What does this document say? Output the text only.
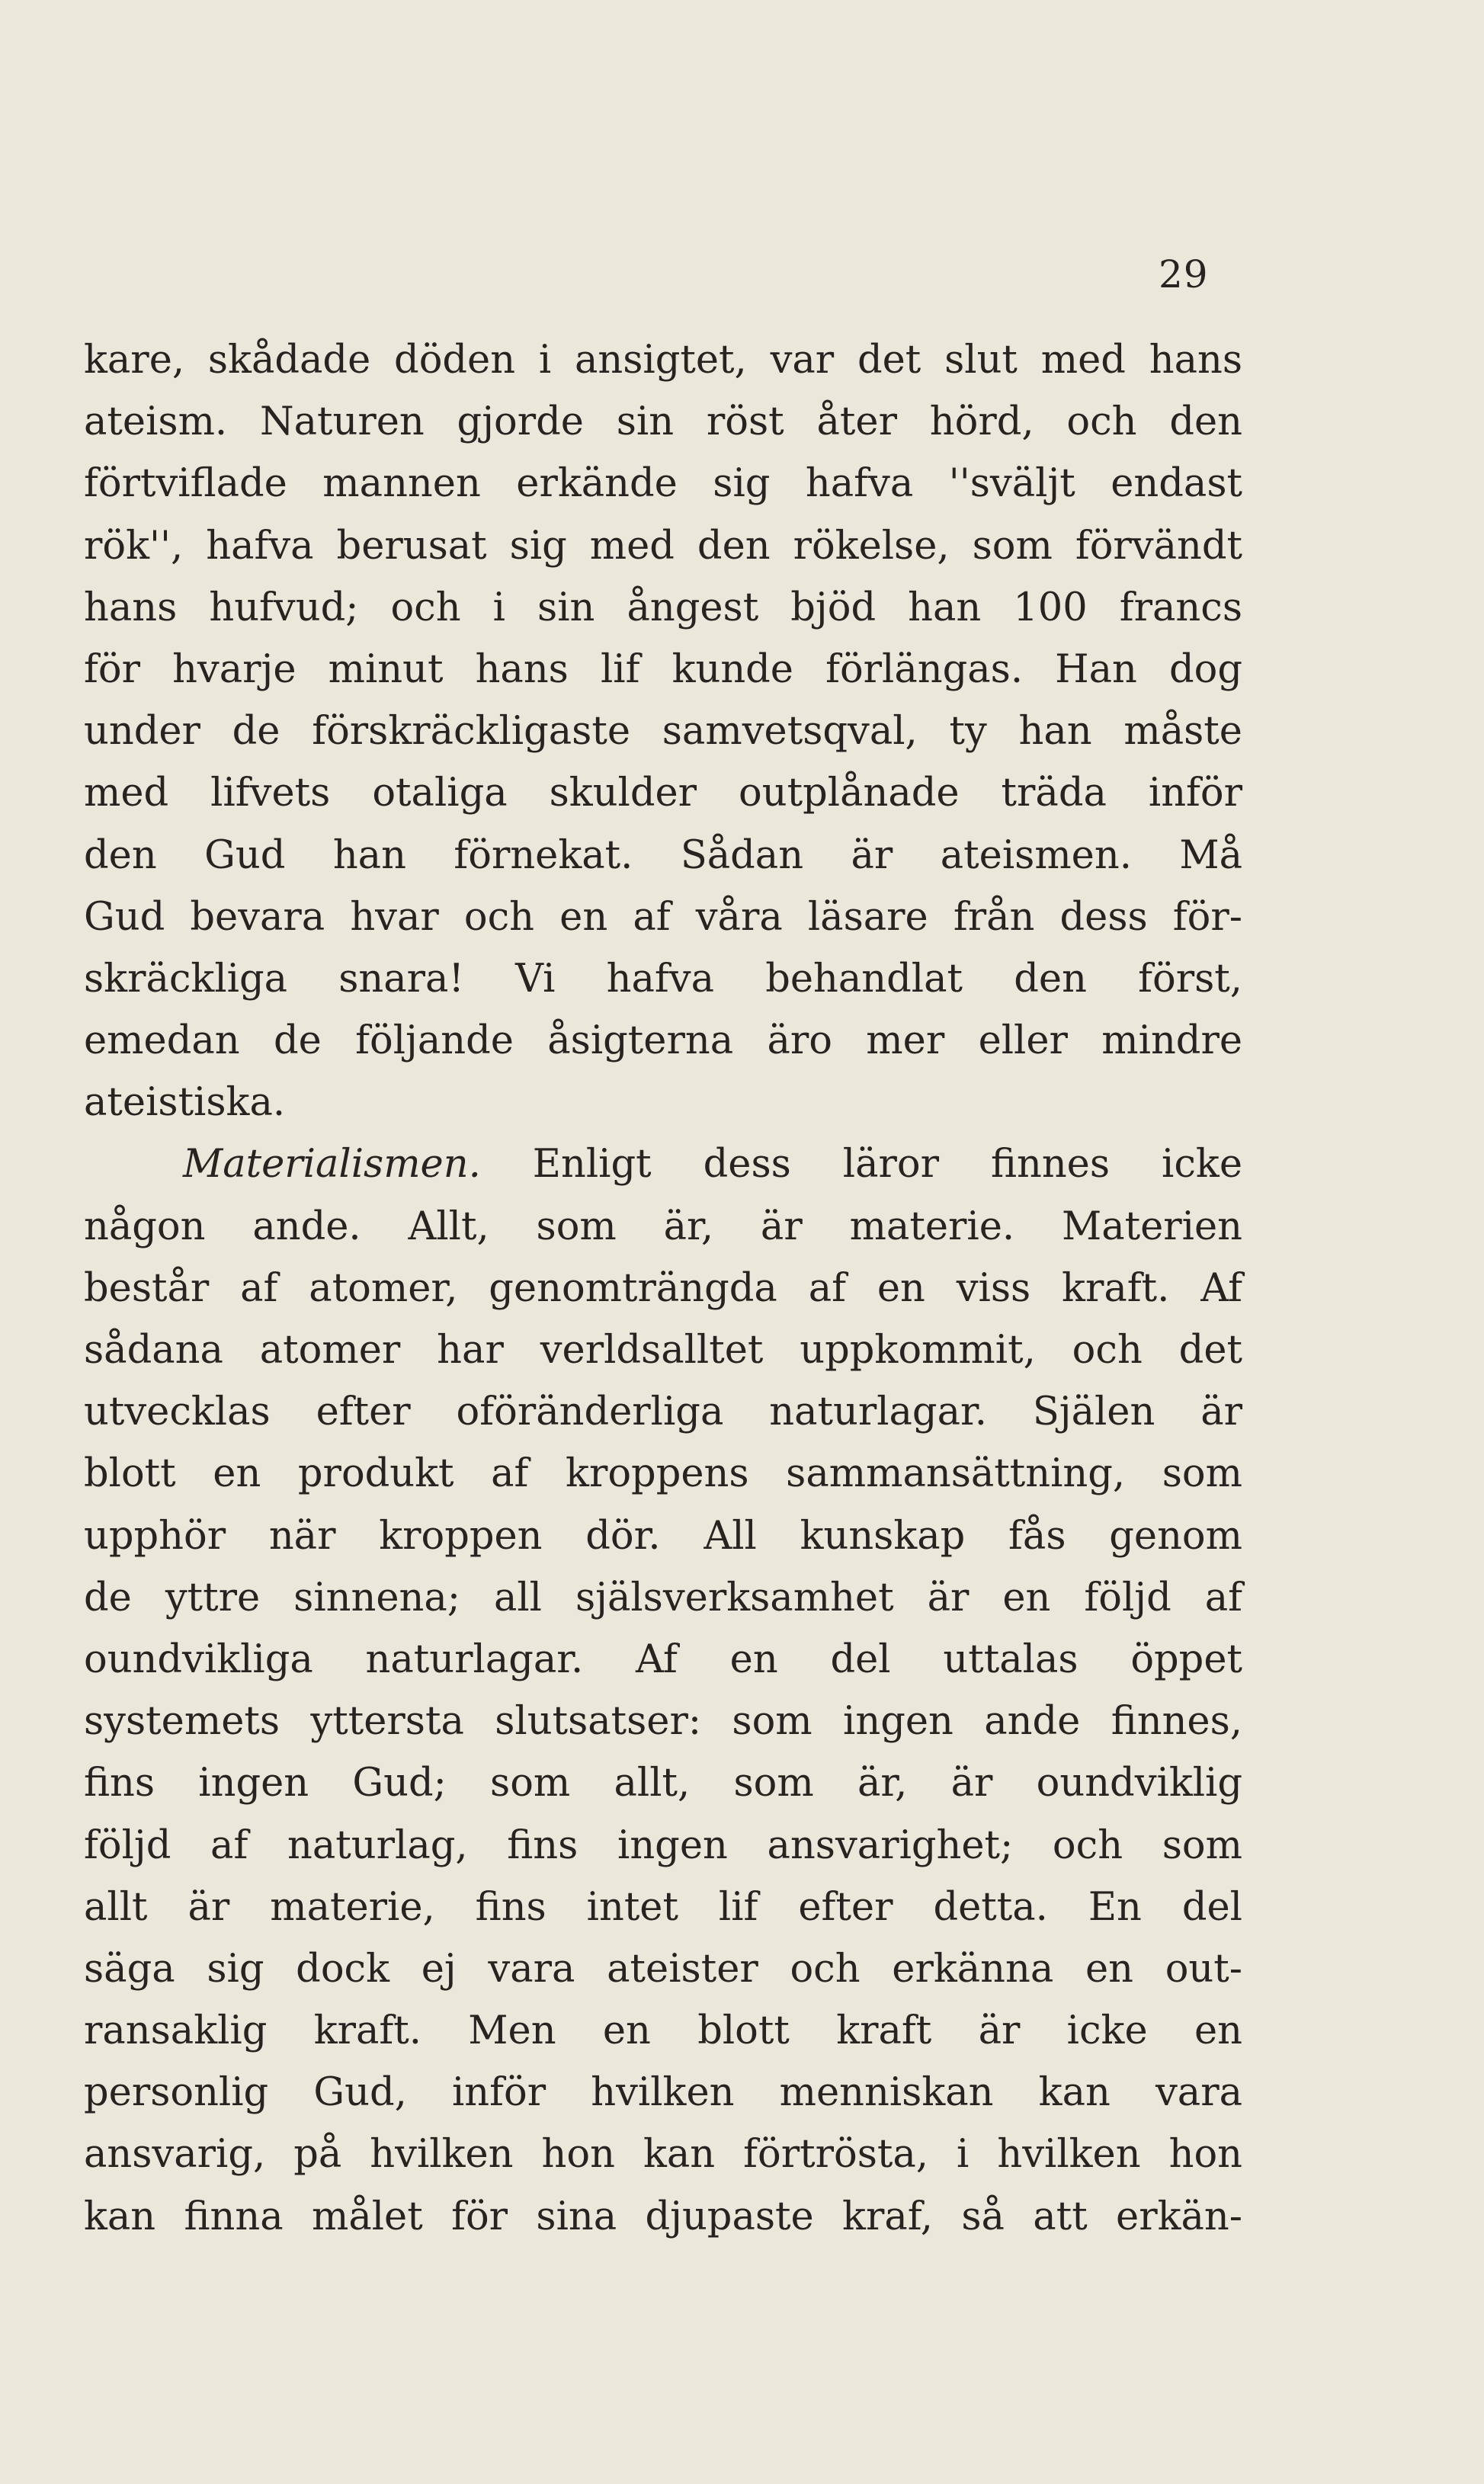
29
kare, skådade döden i ansigtet, var det slut med hans
ateism. Naturen gjorde sin röst åter hörd, och den
förtviflade mannen erkände sig hafva ''sväljt endast
rök'', hafva berusat sig med den rökelse, som förvändt
hans hufvud; och i sin ångest bjöd han 100 francs
för hvarje minut hans lif kunde förlängas. Han dog
under de förskräckligaste samvetsqval, ty han måste
med lifvets otaliga skulder outplånade träda inför
den Gud han förnekat. Sådan är ateismen. Må
Gud bevara hvar och en af våra läsare från dess för-
skräckliga snara! Vi hafva behandlat den först,
emedan de följande åsigterna äro mer eller mindre
ateistiska.
Materialismen. Enligt dess läror finnes icke
någon ande. Allt, som är, är materie. Materien
består af atomer, genomträngda af en viss kraft. Af
sådana atomer har verldsalltet uppkommit, och det
utvecklas efter oföränderliga naturlagar. Själen är
blott en produkt af kroppens sammansättning, som
upphör när kroppen dör. All kunskap fås genom
de yttre sinnena; all själsverksamhet är en följd af
oundvikliga naturlagar. Af en del uttalas öppet
systemets yttersta slutsatser: som ingen ande finnes,
fins ingen Gud; som allt, som är, är oundviklig
följd af naturlag, fins ingen ansvarighet; och som
allt är materie, fins intet lif efter detta. En del
säga sig dock ej vara ateister och erkänna en out-
ransaklig kraft. Men en blott kraft är icke en
personlig Gud, inför hvilken menniskan kan vara
ansvarig, på hvilken hon kan förtrösta, i hvilken hon
kan finna målet för sina djupaste kraf, så att erkän-
